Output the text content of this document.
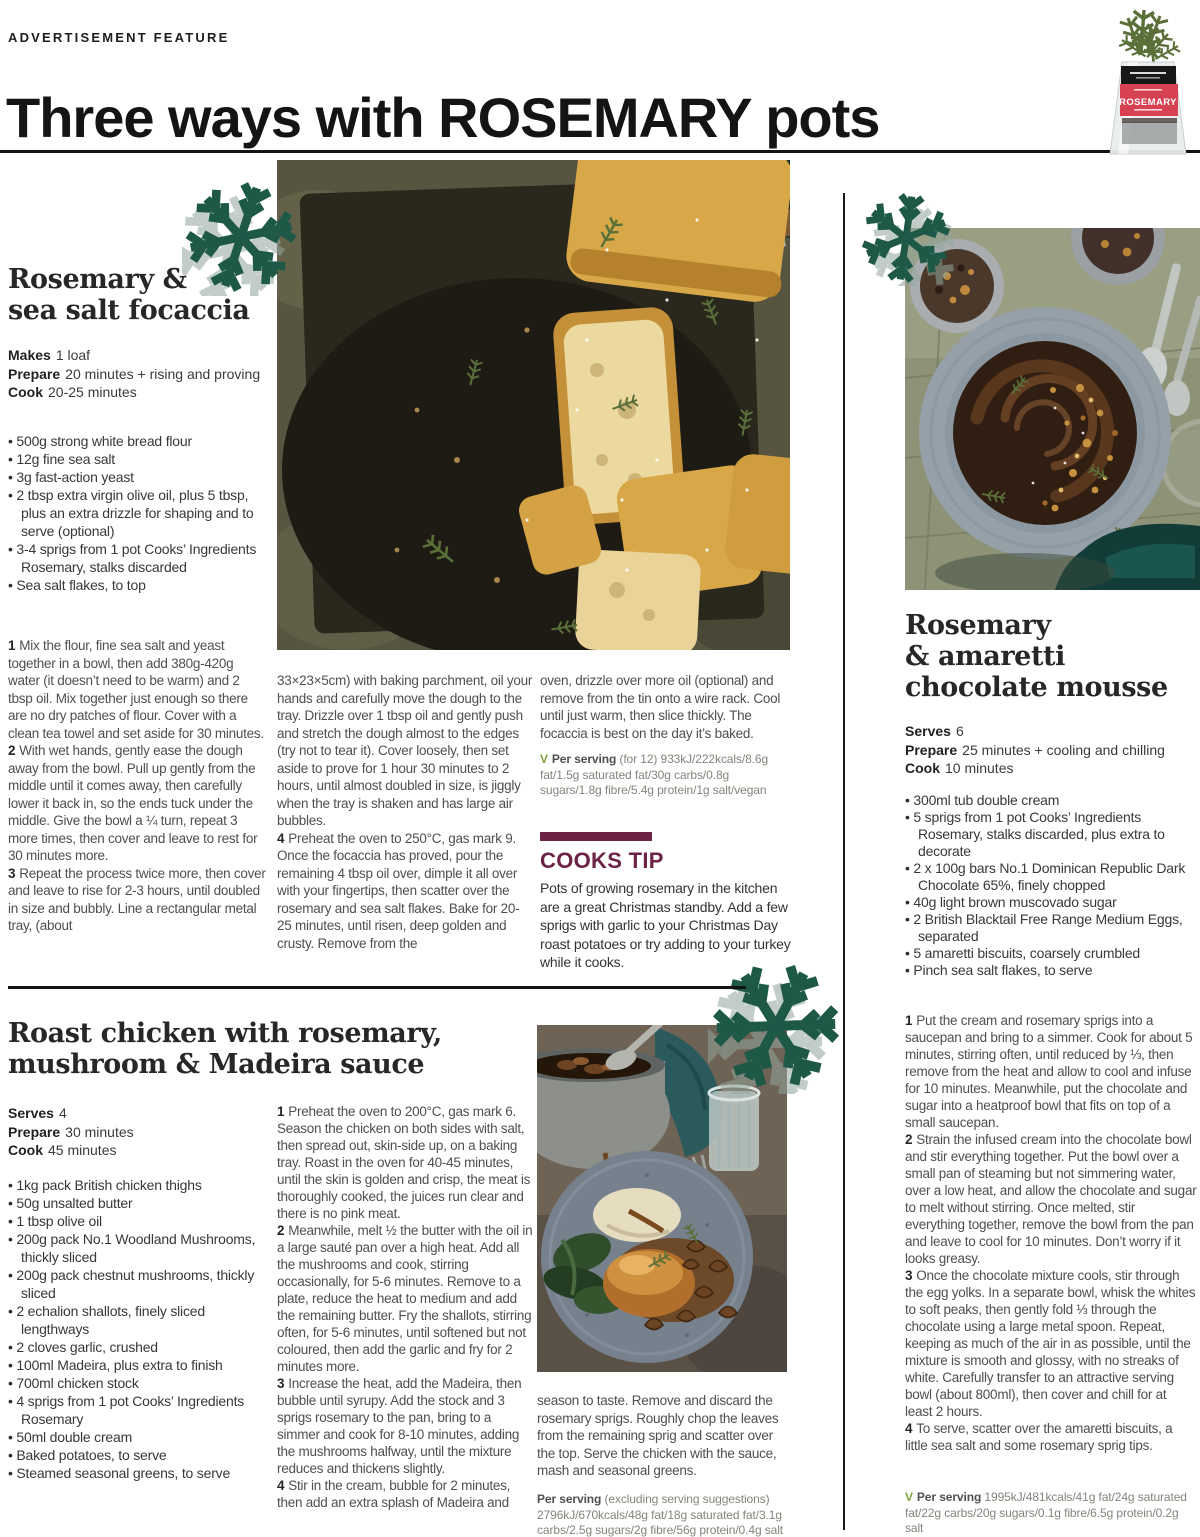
ADVERTISEMENT FEATURE
Three ways with ROSEMARY pots	ROSEMARY
Rosemary &
sea salt focaccia
Makes 1 loaf
Prepare 20 minutes + rising and proving
Cook 20-25 minutes
• 500g strong white bread flour
• 12g fine sea salt
• 3g fast-action yeast
• 2 tbsp extra virgin olive oil, plus 5 tbsp, plus an extra drizzle for shaping and to serve (optional)
• 3-4 sprigs from 1 pot Cooks’ Ingredients Rosemary, stalks discarded
• Sea salt flakes, to top

1 Mix the flour, fine sea salt and yeast together in a bowl, then add 380g-420g water (it doesn’t need to be warm) and 2 tbsp oil. Mix together just enough so there are no dry patches of flour. Cover with a clean tea towel and set aside for 30 minutes.

2 With wet hands, gently ease the dough away from the bowl. Pull up gently from the middle until it comes away, then carefully lower it back in, so the ends tuck under the middle. Give the bowl a ¼ turn, repeat 3 more times, then cover and leave to rest for 30 minutes more.

3 Repeat the process twice more, then cover and leave to rise for 2-3 hours, until doubled in size and bubbly. Line a rectangular metal tray, (about

33×23×5cm) with baking parchment, oil your hands and carefully move the dough to the tray. Drizzle over 1 tbsp oil and gently push and stretch the dough almost to the edges (try not to tear it). Cover loosely, then set aside to prove for 1 hour 30 minutes to 2 hours, until almost doubled in size, is jiggly when the tray is shaken and has large air bubbles.

4 Preheat the oven to 250°C, gas mark 9. Once the focaccia has proved, pour the remaining 4 tbsp oil over, dimple it all over with your fingertips, then scatter over the rosemary and sea salt flakes. Bake for 20-25 minutes, until risen, deep golden and crusty. Remove from the

oven, drizzle over more oil (optional) and remove from the tin onto a wire rack. Cool until just warm, then slice thickly. The focaccia is best on the day it’s baked.

V Per serving (for 12) 933kJ/222kcals/8.6g fat/1.5g saturated fat/30g carbs/0.8g sugars/1.8g fibre/5.4g protein/1g salt/vegan
COOKS TIP
Pots of growing rosemary in the kitchen are a great Christmas standby. Add a few sprigs with garlic to your Christmas Day roast potatoes or try adding to your turkey while it cooks.
Rosemary
& amaretti
chocolate mousse
Serves 6
Prepare 25 minutes + cooling and chilling
Cook 10 minutes
• 300ml tub double cream
• 5 sprigs from 1 pot Cooks’ Ingredients Rosemary, stalks discarded, plus extra to decorate
• 2 x 100g bars No.1 Dominican Republic Dark Chocolate 65%, finely chopped
• 40g light brown muscovado sugar
• 2 British Blacktail Free Range Medium Eggs, separated
• 5 amaretti biscuits, coarsely crumbled
• Pinch sea salt flakes, to serve

1 Put the cream and rosemary sprigs into a saucepan and bring to a simmer. Cook for about 5 minutes, stirring often, until reduced by ⅓, then remove from the heat and allow to cool and infuse for 10 minutes. Meanwhile, put the chocolate and sugar into a heatproof bowl that fits on top of a small saucepan.

2 Strain the infused cream into the chocolate bowl and stir everything together. Put the bowl over a small pan of steaming but not simmering water, over a low heat, and allow the chocolate and sugar to melt without stirring. Once melted, stir everything together, remove the bowl from the pan and leave to cool for 10 minutes. Don’t worry if it looks greasy.

3 Once the chocolate mixture cools, stir through the egg yolks. In a separate bowl, whisk the whites to soft peaks, then gently fold ⅓ through the chocolate using a large metal spoon. Repeat, keeping as much of the air in as possible, until the mixture is smooth and glossy, with no streaks of white. Carefully transfer to an attractive serving bowl (about 800ml), then cover and chill for at least 2 hours.

4 To serve, scatter over the amaretti biscuits, a little sea salt and some rosemary sprig tips.

V Per serving 1995kJ/481kcals/41g fat/24g saturated fat/22g carbs/20g sugars/0.1g fibre/6.5g protein/0.2g salt
Roast chicken with rosemary,
mushroom & Madeira sauce
Serves 4
Prepare 30 minutes
Cook 45 minutes
• 1kg pack British chicken thighs
• 50g unsalted butter
• 1 tbsp olive oil
• 200g pack No.1 Woodland Mushrooms, thickly sliced
• 200g pack chestnut mushrooms, thickly sliced
• 2 echalion shallots, finely sliced lengthways
• 2 cloves garlic, crushed
• 100ml Madeira, plus extra to finish
• 700ml chicken stock
• 4 sprigs from 1 pot Cooks’ Ingredients Rosemary
• 50ml double cream
• Baked potatoes, to serve
• Steamed seasonal greens, to serve

1 Preheat the oven to 200°C, gas mark 6. Season the chicken on both sides with salt, then spread out, skin-side up, on a baking tray. Roast in the oven for 40-45 minutes, until the skin is golden and crisp, the meat is thoroughly cooked, the juices run clear and there is no pink meat.

2 Meanwhile, melt ½ the butter with the oil in a large sauté pan over a high heat. Add all the mushrooms and cook, stirring occasionally, for 5-6 minutes. Remove to a plate, reduce the heat to medium and add the remaining butter. Fry the shallots, stirring often, for 5-6 minutes, until softened but not coloured, then add the garlic and fry for 2 minutes more.

3 Increase the heat, add the Madeira, then bubble until syrupy. Add the stock and 3 sprigs rosemary to the pan, bring to a simmer and cook for 8-10 minutes, adding the mushrooms halfway, until the mixture reduces and thickens slightly.

4 Stir in the cream, bubble for 2 minutes, then add an extra splash of Madeira and

season to taste. Remove and discard the rosemary sprigs. Roughly chop the leaves from the remaining sprig and scatter over the top. Serve the chicken with the sauce, mash and seasonal greens.

Per serving (excluding serving suggestions) 2796kJ/670kcals/48g fat/18g saturated fat/3.1g carbs/2.5g sugars/2g fibre/56g protein/0.4g salt
